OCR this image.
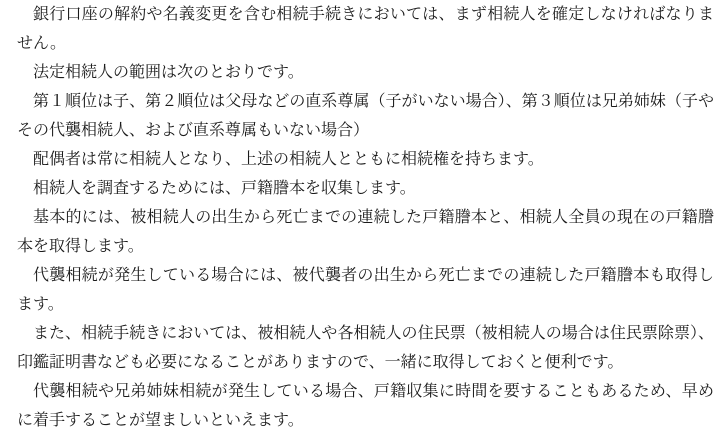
銀行口座の解約や名義変更を含む相続手続きにおいては、まず相続人を確定しなければなりません。

法定相続人の範囲は次のとおりです。

第１順位は子、第２順位は父母などの直系尊属（子がいない場合）、第３順位は兄弟姉妹（子やその代襲相続人、および直系尊属もいない場合）

配偶者は常に相続人となり、上述の相続人とともに相続権を持ちます。

相続人を調査するためには、戸籍謄本を収集します。

基本的には、被相続人の出生から死亡までの連続した戸籍謄本と、相続人全員の現在の戸籍謄本を取得します。

代襲相続が発生している場合には、被代襲者の出生から死亡までの連続した戸籍謄本も取得します。

また、相続手続きにおいては、被相続人や各相続人の住民票（被相続人の場合は住民票除票）、印鑑証明書なども必要になることがありますので、一緒に取得しておくと便利です。

代襲相続や兄弟姉妹相続が発生している場合、戸籍収集に時間を要することもあるため、早めに着手することが望ましいといえます。
